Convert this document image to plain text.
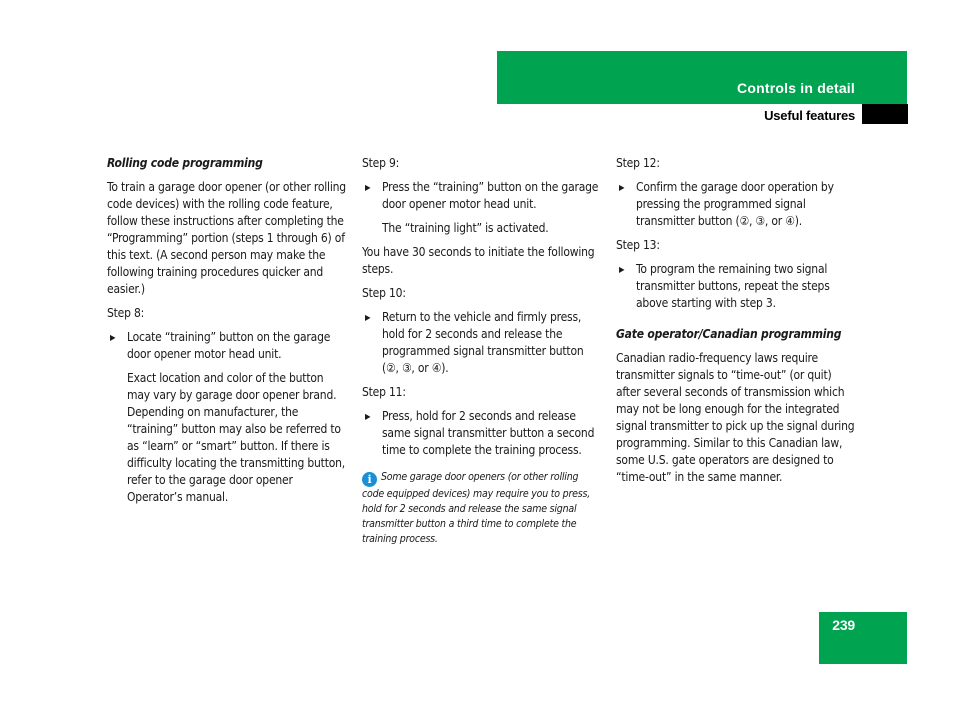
Controls in detail
Useful features

Rolling code programming

To train a garage door opener (or other rolling code devices) with the rolling code feature, follow these instructions after completing the “Programming” portion (steps 1 through 6) of this text. (A second person may make the following training procedures quicker and easier.)

Step 8:

▶ Locate “training” button on the garage door opener motor head unit.

Exact location and color of the button may vary by garage door opener brand. Depending on manufacturer, the “training” button may also be referred to as “learn” or “smart” button. If there is difficulty locating the transmitting button, refer to the garage door opener Operator’s manual.

Step 9:

▶ Press the “training” button on the garage door opener motor head unit.

The “training light” is activated.

You have 30 seconds to initiate the following steps.

Step 10:

▶ Return to the vehicle and firmly press, hold for 2 seconds and release the programmed signal transmitter button (②, ③, or ④).

Step 11:

▶ Press, hold for 2 seconds and release same signal transmitter button a second time to complete the training process.
i Some garage door openers (or other rolling code equipped devices) may require you to press, hold for 2 seconds and release the same signal transmitter button a third time to complete the training process.

Step 12:

▶ Confirm the garage door operation by pressing the programmed signal transmitter button (②, ③, or ④).

Step 13:

▶ To program the remaining two signal transmitter buttons, repeat the steps above starting with step 3.

Gate operator/Canadian programming

Canadian radio-frequency laws require transmitter signals to “time-out” (or quit) after several seconds of transmission which may not be long enough for the integrated signal transmitter to pick up the signal during programming. Similar to this Canadian law, some U.S. gate operators are designed to “time-out” in the same manner.

239
